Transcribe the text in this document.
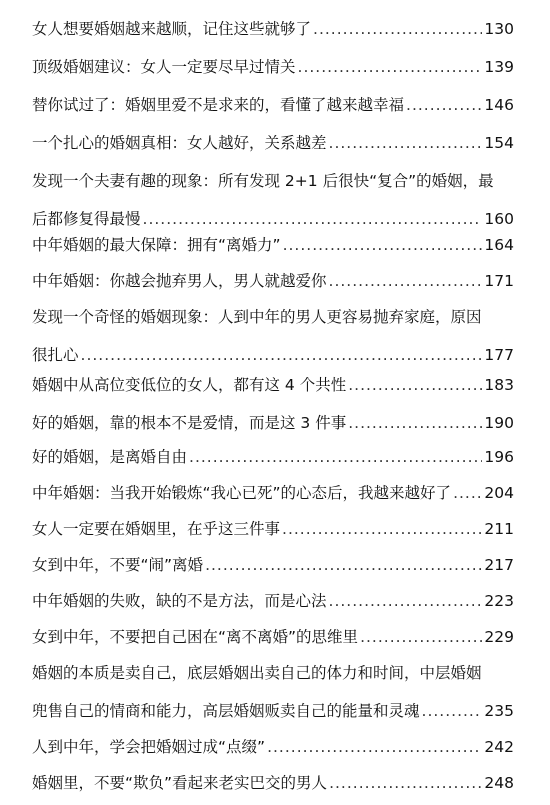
女人想要婚姻越来越顺，记住这些就够了 .....	130
顶级婚姻建议：女人一定要尽早过情关 .....	139
替你试过了：婚姻里爱不是求来的，看懂了越来越幸福 .....	146
一个扎心的婚姻真相：女人越好，关系越差 .....	154
发现一个夫妻有趣的现象：所有发现 2+1 后很快“复合”的婚姻，最
后都修复得最慢 .....	160
中年婚姻的最大保障：拥有“离婚力” .....	164
中年婚姻：你越会抛弃男人，男人就越爱你 .....	171
发现一个奇怪的婚姻现象：人到中年的男人更容易抛弃家庭，原因
很扎心 .....	177
婚姻中从高位变低位的女人，都有这 4 个共性 .....	183
好的婚姻，靠的根本不是爱情，而是这 3 件事 .....	190
好的婚姻，是离婚自由 .....	196
中年婚姻：当我开始锻炼“我心已死”的心态后，我越来越好了 ..... 204
女人一定要在婚姻里，在乎这三件事 .....	211
女到中年，不要“闹”离婚 .....	217
中年婚姻的失败，缺的不是方法，而是心法 .....	223
女到中年，不要把自己困在“离不离婚”的思维里 .....	229
婚姻的本质是卖自己，底层婚姻出卖自己的体力和时间，中层婚姻
兜售自己的情商和能力，高层婚姻贩卖自己的能量和灵魂 .....	235
人到中年，学会把婚姻过成“点缀” .....	242
婚姻里，不要“欺负”看起来老实巴交的男人 .....	248
